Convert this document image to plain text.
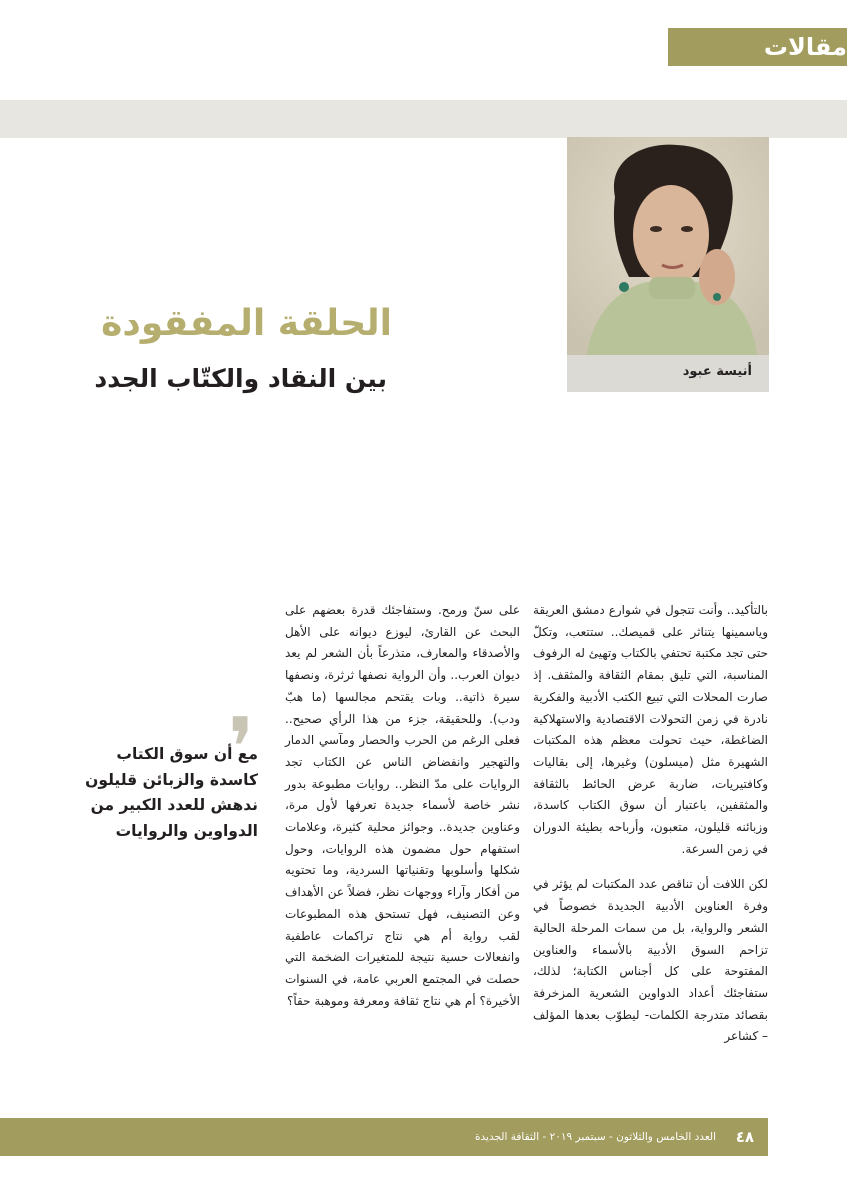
مقالات
أنيسة عبود
الحلقة المفقودة
بين النقاد والكتّاب الجدد

بالتأكيد.. وأنت تتجول في شوارع دمشق العريقة وياسمينها يتناثر على قميصك.. ستتعب، وتكلّ حتى تجد مكتبة تحتفي بالكتاب وتهيئ له الرفوف المناسبة، التي تليق بمقام الثقافة والمثقف. إذ صارت المحلات التي تبيع الكتب الأدبية والفكرية نادرة في زمن التحولات الاقتصادية والاستهلاكية الضاغطة، حيث تحولت معظم هذه المكتبات الشهيرة مثل (ميسلون) وغيرها، إلى بقاليات وكافتيريات، ضاربة عرض الحائط بالثقافة والمثقفين، باعتبار أن سوق الكتاب كاسدة، وزبائنه قليلون، متعبون، وأرباحه بطيئة الدوران في زمن السرعة.

لكن اللافت أن تناقص عدد المكتبات لم يؤثر في وفرة العناوين الأدبية الجديدة خصوصاً في الشعر والرواية، بل من سمات المرحلة الحالية تزاحم السوق الأدبية بالأسماء والعناوين المفتوحة على كل أجناس الكتابة؛ لذلك، ستفاجئك أعداد الدواوين الشعرية المزخرفة بقصائد متدرجة الكلمات- ليطوّب بعدها المؤلف – كشاعر

على سنّ ورمح. وستفاجئك قدرة بعضهم على البحث عن القارئ، ليوزع ديوانه على الأهل والأصدقاء والمعارف، متذرعاً بأن الشعر لم يعد ديوان العرب.. وأن الرواية نصفها ثرثرة، ونصفها سيرة ذاتية.. وبات يقتحم مجالسها (ما هبّ ودب). وللحقيقة، جزء من هذا الرأي صحيح.. فعلى الرغم من الحرب والحصار ومآسي الدمار والتهجير وانفضاض الناس عن الكتاب تجد الروايات على مدّ النظر.. روايات مطبوعة بدور نشر خاصة لأسماء جديدة تعرفها لأول مرة، وعناوين جديدة.. وجوائز محلية كثيرة، وعلامات استفهام حول مضمون هذه الروايات، وحول شكلها وأسلوبها وتقنياتها السردية، وما تحتويه من أفكار وآراء ووجهات نظر، فضلاً عن الأهداف وعن التصنيف، فهل تستحق هذه المطبوعات لقب رواية أم هي نتاج تراكمات عاطفية وانفعالات حسية نتيجة للمتغيرات الضخمة التي حصلت في المجتمع العربي عامة، في السنوات الأخيرة؟ أم هي نتاج ثقافة ومعرفة وموهبة حقاً؟

❜
مع أن سوق الكتاب كاسدة والزبائن قليلون ندهش للعدد الكبير من الدواوين والروايات
العدد الخامس والثلاثون - سبتمبر ٢٠١٩ - الثقافة الجديدة ٤٨
